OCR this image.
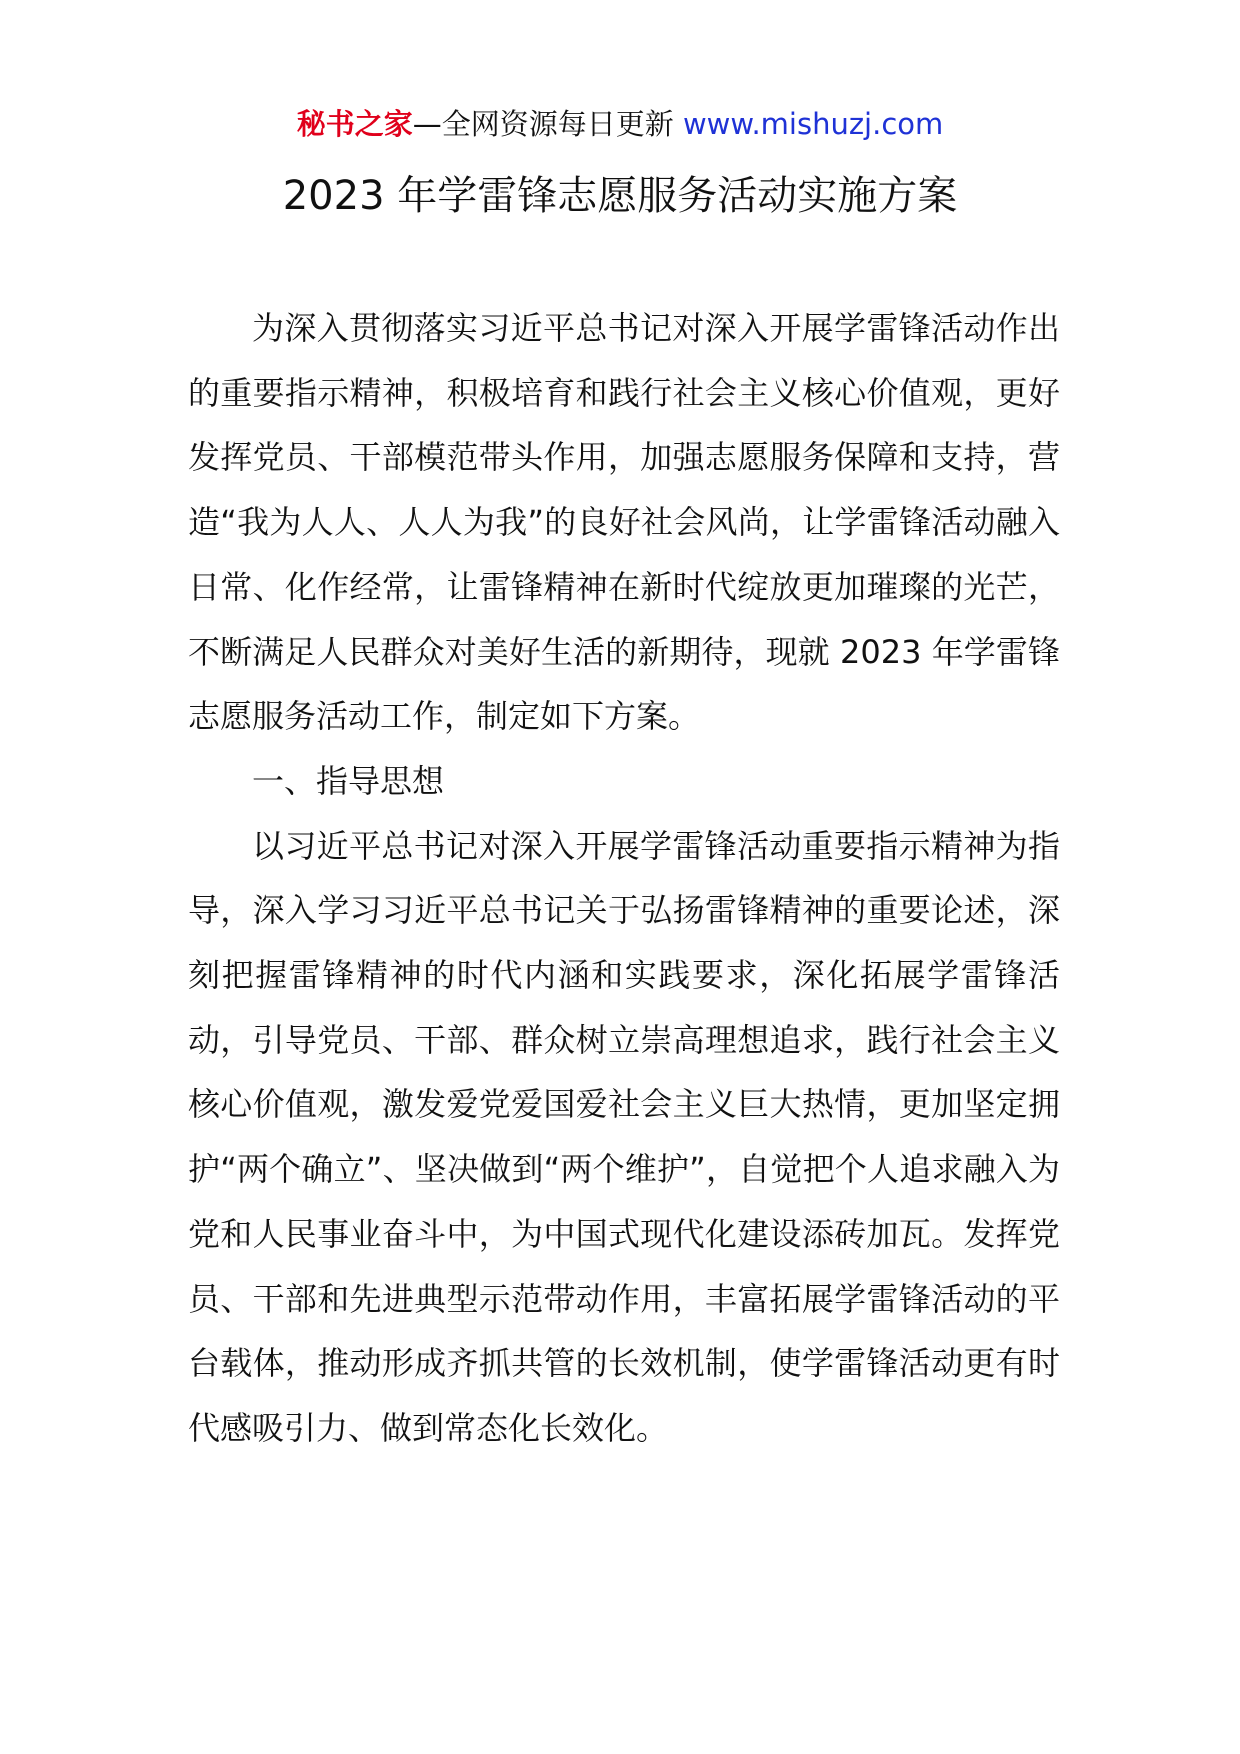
秘书之家—全网资源每日更新 www.mishuzj.com
2023 年学雷锋志愿服务活动实施方案

为深入贯彻落实习近平总书记对深入开展学雷锋活动作出的重要指示精神，积极培育和践行社会主义核心价值观，更好发挥党员、干部模范带头作用，加强志愿服务保障和支持，营造“我为人人、人人为我”的良好社会风尚，让学雷锋活动融入日常、化作经常，让雷锋精神在新时代绽放更加璀璨的光芒，不断满足人民群众对美好生活的新期待，现就 2023 年学雷锋志愿服务活动工作，制定如下方案。

一、指导思想

以习近平总书记对深入开展学雷锋活动重要指示精神为指导，深入学习习近平总书记关于弘扬雷锋精神的重要论述，深刻把握雷锋精神的时代内涵和实践要求，深化拓展学雷锋活动，引导党员、干部、群众树立崇高理想追求，践行社会主义核心价值观，激发爱党爱国爱社会主义巨大热情，更加坚定拥护“两个确立”、坚决做到“两个维护”，自觉把个人追求融入为党和人民事业奋斗中，为中国式现代化建设添砖加瓦。发挥党员、干部和先进典型示范带动作用，丰富拓展学雷锋活动的平台载体，推动形成齐抓共管的长效机制，使学雷锋活动更有时代感吸引力、做到常态化长效化。
